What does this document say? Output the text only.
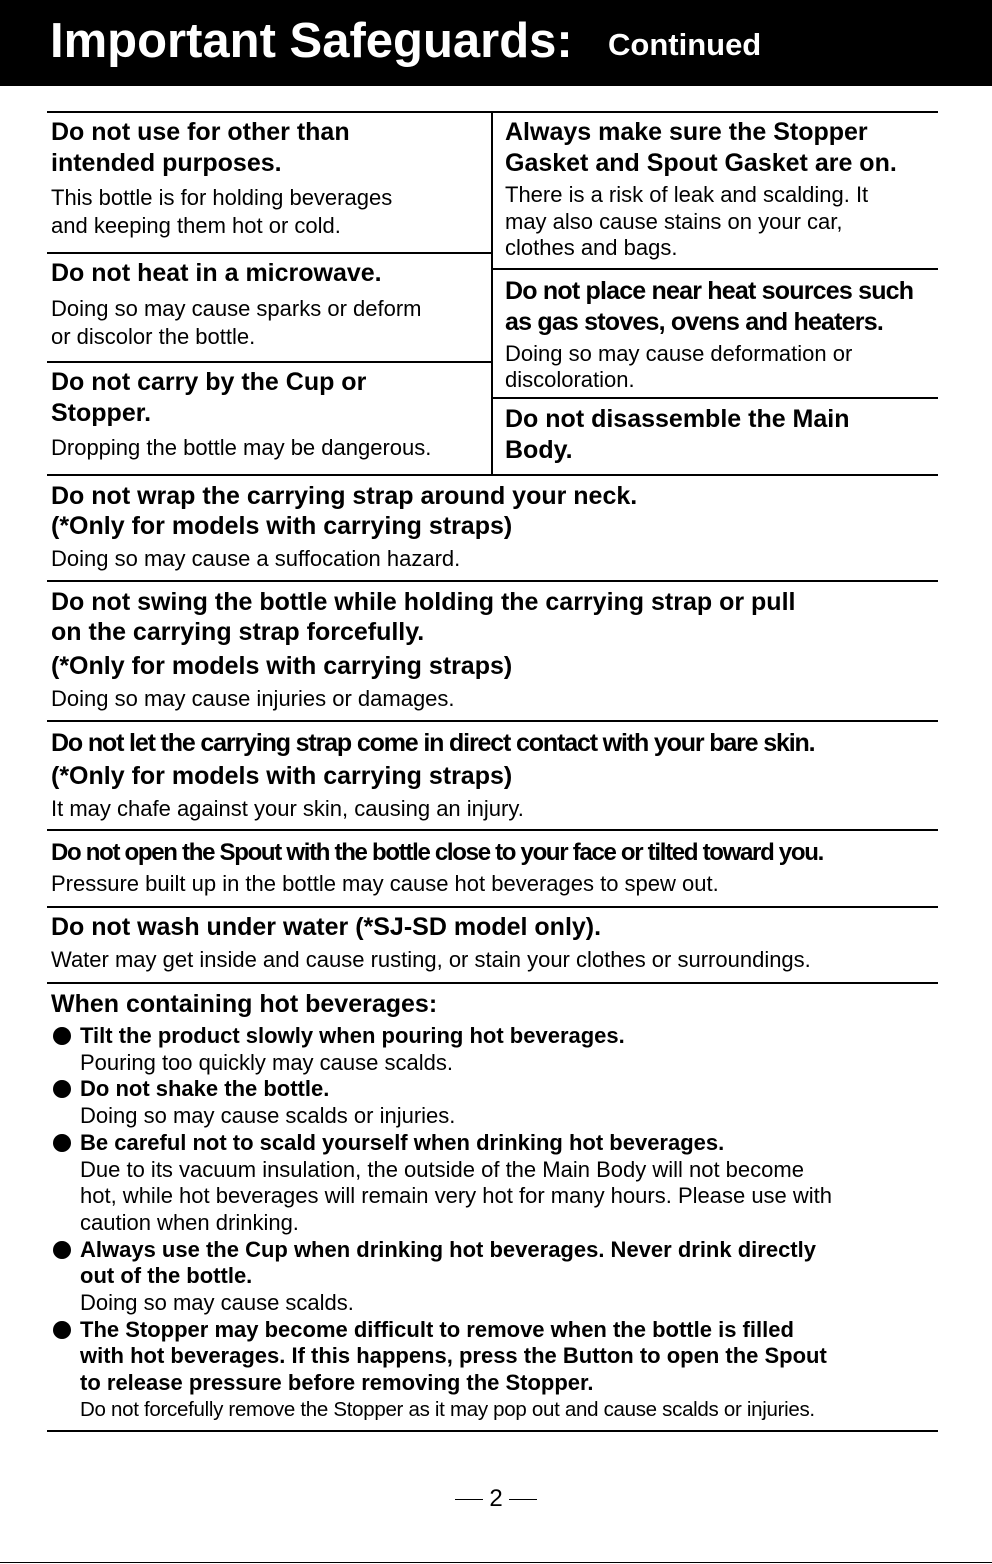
Important Safeguards: Continued
Do not use for other than
intended purposes.
This bottle is for holding beverages
and keeping them hot or cold.
Do not heat in a microwave.
Doing so may cause sparks or deform
or discolor the bottle.
Do not carry by the Cup or
Stopper.
Dropping the bottle may be dangerous.
Always make sure the Stopper
Gasket and Spout Gasket are on.
There is a risk of leak and scalding. It
may also cause stains on your car,
clothes and bags.
Do not place near heat sources such
as gas stoves, ovens and heaters.
Doing so may cause deformation or
discoloration.
Do not disassemble the Main
Body.
Do not wrap the carrying strap around your neck.
(*Only for models with carrying straps)
Doing so may cause a suffocation hazard.
Do not swing the bottle while holding the carrying strap or pull
on the carrying strap forcefully.
(*Only for models with carrying straps)
Doing so may cause injuries or damages.
Do not let the carrying strap come in direct contact with your bare skin.
(*Only for models with carrying straps)
It may chafe against your skin, causing an injury.
Do not open the Spout with the bottle close to your face or tilted toward you.
Pressure built up in the bottle may cause hot beverages to spew out.
Do not wash under water (*SJ-SD model only).
Water may get inside and cause rusting, or stain your clothes or surroundings.
When containing hot beverages:
Tilt the product slowly when pouring hot beverages.
Pouring too quickly may cause scalds.
Do not shake the bottle.
Doing so may cause scalds or injuries.
Be careful not to scald yourself when drinking hot beverages.
Due to its vacuum insulation, the outside of the Main Body will not become
hot, while hot beverages will remain very hot for many hours. Please use with
caution when drinking.
Always use the Cup when drinking hot beverages. Never drink directly
out of the bottle.
Doing so may cause scalds.
The Stopper may become difficult to remove when the bottle is filled
with hot beverages. If this happens, press the Button to open the Spout
to release pressure before removing the Stopper.
Do not forcefully remove the Stopper as it may pop out and cause scalds or injuries.
2
